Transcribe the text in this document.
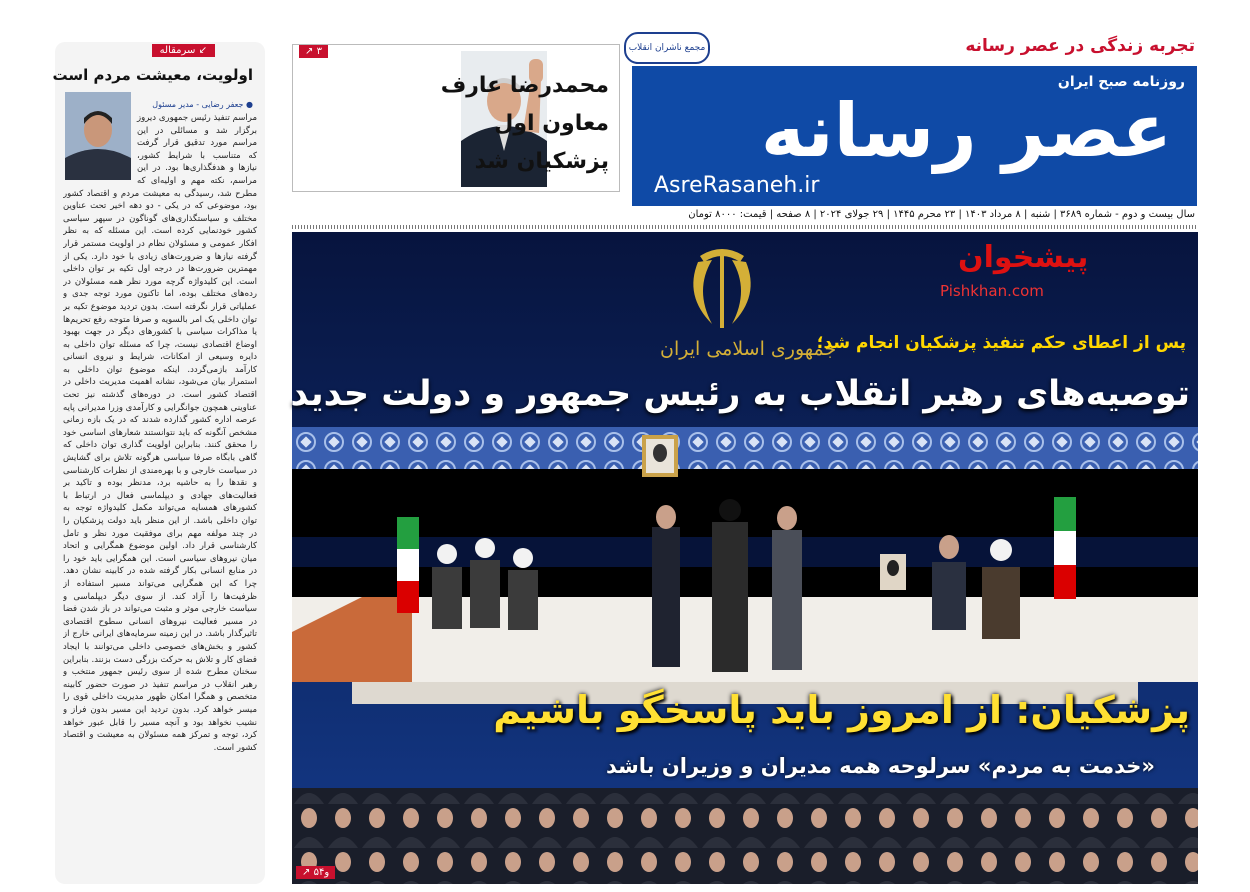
تجربه زندگی در عصر رسانه
مجمع ناشران انقلاب
روزنامه صبح ایران
عصر رسانه
AsreRasaneh.ir
سال بیست و دوم - شماره ۳۶۸۹ | شنبه | ۸ مرداد ۱۴۰۳ | ۲۳ محرم ۱۴۴۵ | ۲۹ جولای ۲۰۲۴ | ۸ صفحه | قیمت: ۸۰۰۰ تومان
↗ ۳
محمدرضا عارف
معاون اول
پزشکیان شد
↙ سرمقاله
اولویت، معیشت مردم است
● جعفر رضایی - مدیر مسئول
مراسم تنفیذ رئیس جمهوری دیروز برگزار شد و مسائلی در این مراسم مورد تدقیق قرار گرفت که متناسب با شرایط کشور، نیازها و هدفگذاری‌ها بود. در این مراسم، نکته مهم و اولیه‌ای که مطرح شد، رسیدگی به معیشت مردم و اقتصاد کشور بود، موضوعی که در یکی - دو دهه اخیر تحت عناوین مختلف و سیاستگذاری‌های گوناگون در سپهر سیاسی کشور خودنمایی کرده است. این مسئله که به نظر افکار عمومی و مسئولان نظام در اولویت مستمر قرار گرفته نیازها و ضرورت‌های زیادی با خود دارد. یکی از مهمترین ضرورت‌ها در درجه اول تکیه بر توان داخلی است. این کلیدواژه گرچه مورد نظر همه مسئولان در رده‌های مختلف بوده، اما تاکنون مورد توجه جدی و عملیاتی قرار نگرفته است. بدون تردید موضوع تکیه بر توان داخلی یک امر بالسویه و صرفا متوجه رفع تحریم‌ها یا مذاکرات سیاسی با کشورهای دیگر در جهت بهبود اوضاع اقتصادی نیست، چرا که مسئله توان داخلی به دایره وسیعی از امکانات، شرایط و نیروی انسانی کارآمد بازمی‌گردد. اینکه موضوع توان داخلی به استمرار بیان می‌شود، نشانه اهمیت مدیریت داخلی در اقتصاد کشور است. در دوره‌های گذشته نیز تحت عناوینی همچون جوانگرایی و کارآمدی وزرا مدیرانی پایه عرصه اداره کشور گذارده شدند که در یک بازه زمانی مشخص آنگونه که باید نتوانستند شعارهای اساسی خود را محقق کنند. بنابراین اولویت گذاری توان داخلی که گاهی بابگاه صرفا سیاسی هرگونه تلاش برای گشایش در سیاست خارجی و با بهره‌مندی از نظرات کارشناسی و نقدها را به حاشیه برد، مدنظر بوده و تاکید بر فعالیت‌های جهادی و دیپلماسی فعال در ارتباط با کشورهای همسایه می‌تواند مکمل کلیدواژه توجه به توان داخلی باشد. از این منظر باید دولت پزشکیان را در چند مولفه مهم برای موفقیت مورد نظر و تامل کارشناسی قرار داد. اولین موضوع همگرایی و اتحاد میان نیروهای سیاسی است. این همگرایی باید خود را در منابع انسانی بکار گرفته شده در کابینه نشان دهد. چرا که این همگرایی می‌تواند مسیر استفاده از ظرفیت‌ها را آزاد کند. از سوی دیگر دیپلماسی و سیاست خارجی موثر و مثبت می‌تواند در باز شدن فضا در مسیر فعالیت نیروهای انسانی سطوح اقتصادی تاثیرگذار باشد. در این زمینه سرمایه‌های ایرانی خارج از کشور و بخش‌های خصوصی داخلی می‌توانند با ایجاد فضای کار و تلاش به حرکت بزرگی دست بزنند. بنابراین سخنان مطرح شده از سوی رئیس جمهور منتخب و رهبر انقلاب در مراسم تنفیذ در صورت حضور کابینه متخصص و همگرا امکان ظهور مدیریت داخلی قوی را میسر خواهد کرد. بدون تردید این مسیر بدون فراز و نشیب نخواهد بود و آنچه مسیر را قابل عبور خواهد کرد، توجه و تمرکز همه مسئولان به معیشت و اقتصاد کشور است.
پیشخوان
Pishkhan.com
جمهوری اسلامی ایران
پس از اعطای حکم تنفیذ پزشکیان انجام شد؛
توصیه‌های رهبر انقلاب به رئیس جمهور و دولت جدید
پزشکیان: از امروز باید پاسخگو باشیم
«خدمت به مردم» سرلوحه همه مدیران و وزیران باشد
↗ ۵و۴
